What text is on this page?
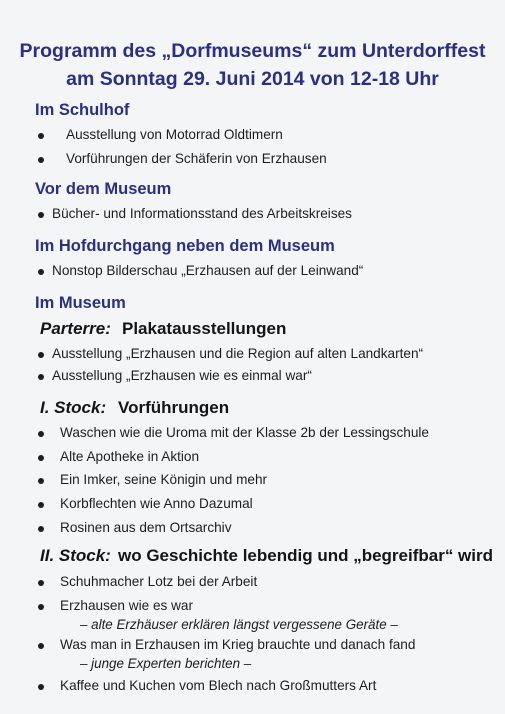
Programm des „Dorfmuseums“ zum Unterdorffest
am Sonntag 29. Juni 2014 von 12-18 Uhr
Im Schulhof
Ausstellung von Motorrad Oldtimern
Vorführungen der Schäferin von Erzhausen
Vor dem Museum
Bücher- und Informationsstand des Arbeitskreises
Im Hofdurchgang neben dem Museum
Nonstop Bilderschau „Erzhausen auf der Leinwand“
Im Museum
Parterre: Plakatausstellungen
Ausstellung „Erzhausen und die Region auf alten Landkarten“
Ausstellung „Erzhausen wie es einmal war“
I. Stock: Vorführungen
Waschen wie die Uroma mit der Klasse 2b der Lessingschule
Alte Apotheke in Aktion
Ein Imker, seine Königin und mehr
Korbflechten wie Anno Dazumal
Rosinen aus dem Ortsarchiv
II. Stock: wo Geschichte lebendig und „begreifbar“ wird
Schuhmacher Lotz bei der Arbeit
Erzhausen wie es war
– alte Erzhäuser erklären längst vergessene Geräte –
Was man in Erzhausen im Krieg brauchte und danach fand
– junge Experten berichten –
Kaffee und Kuchen vom Blech nach Großmutters Art
